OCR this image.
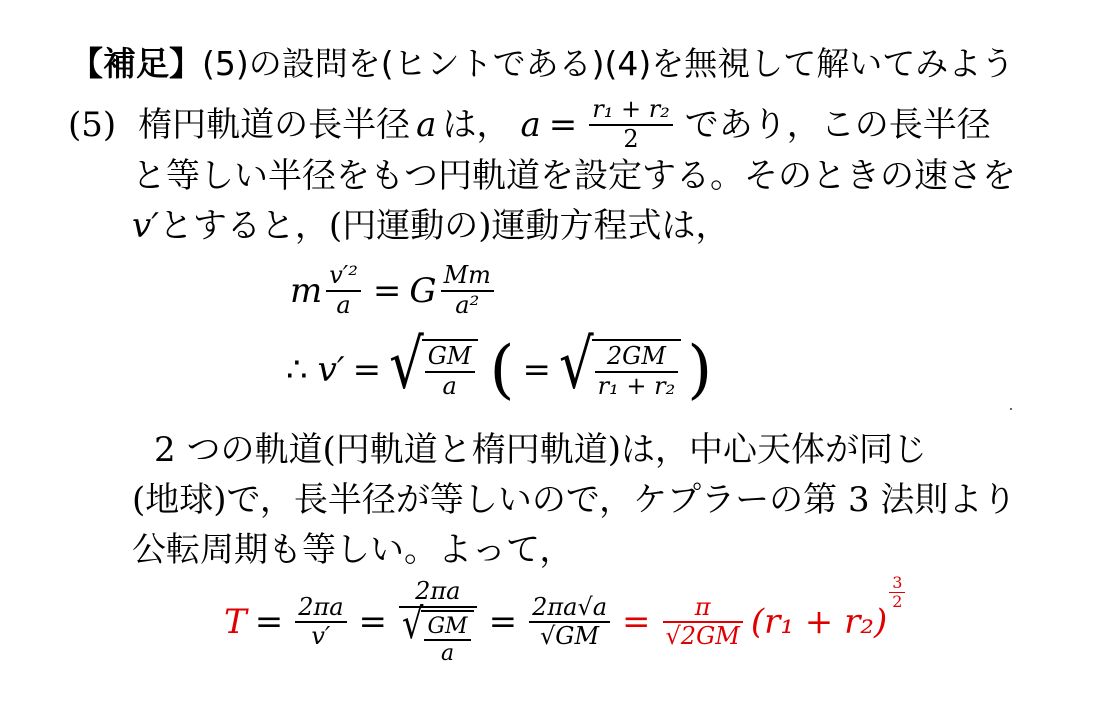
【補足】(5)の設問を(ヒントである)(4)を無視して解いてみよう
(5) 楕円軌道の長半径 a は， $a = \frac{\text{r₁ + r₂}}{2}$ であり，この長半径
と等しい半径をもつ円軌道を設定する。そのときの速さを
v′とすると，(円運動の)運動方程式は，
m $\frac{\text{v′²}}{a} = G \frac{Mm}{\text{a²}}$
∴ v′ = √ $\frac{GM}{a}$ ( = √ $\frac{2GM}{\text{r₁ + r₂}}$ )
2 つの軌道(円軌道と楕円軌道)は，中心天体が同じ
(地球)で，長半径が等しいので，ケプラーの第 3 法則より
公転周期も等しい。よって，
$T = \frac{2\pi a}{v'} = \frac{2\pi a}{√ \frac{GM}{a}} = \frac{2\pi a√a}{√GM} = \frac{\pi}{√2GM} (r_1 + r_2)$
$\frac{3}{2}$
